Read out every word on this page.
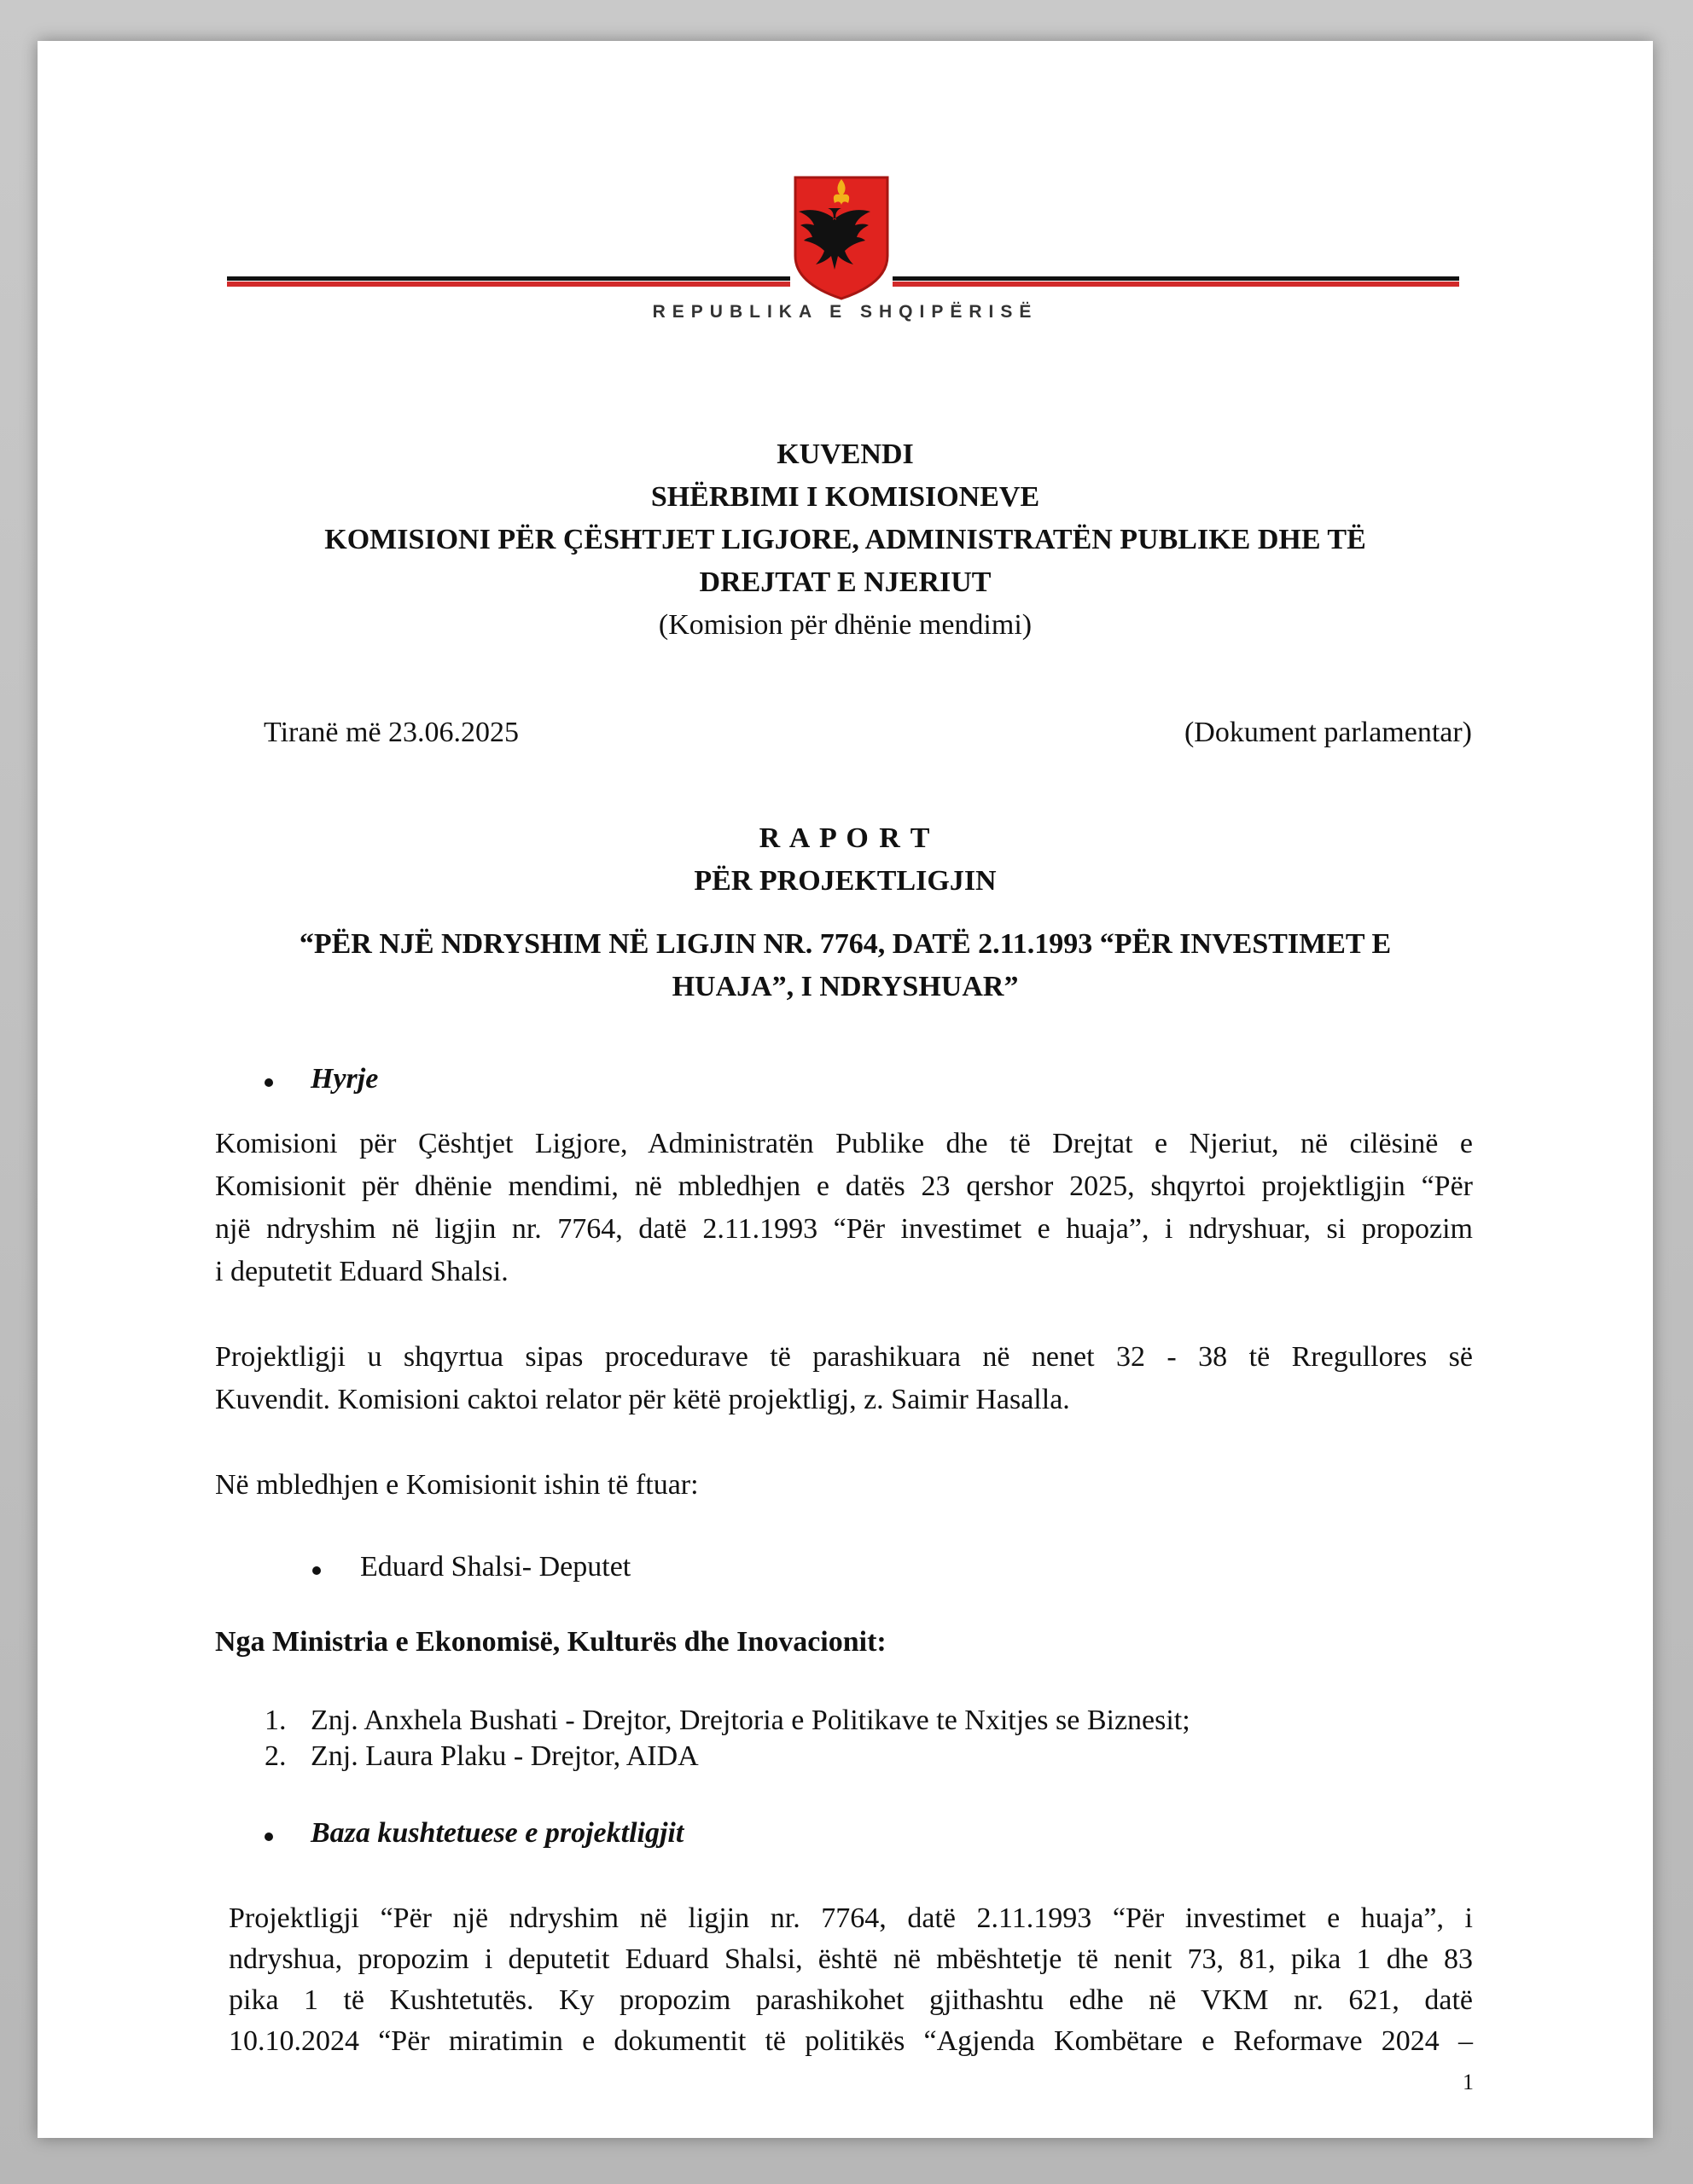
REPUBLIKA E SHQIPËRISË
KUVENDI
SHËRBIMI I KOMISIONEVE
KOMISIONI PËR ÇËSHTJET LIGJORE, ADMINISTRATËN PUBLIKE DHE TË
DREJTAT E NJERIUT
(Komision për dhënie mendimi)
Tiranë më 23.06.2025	(Dokument parlamentar)
R A P O R T
PËR PROJEKTLIGJIN
“PËR NJË NDRYSHIM NË LIGJIN NR. 7764, DATË 2.11.1993 “PËR INVESTIMET E
HUAJA”, I NDRYSHUAR”
Hyrje
Komisioni për Çështjet Ligjore, Administratën Publike dhe të Drejtat e Njeriut, në cilësinë e
Komisionit për dhënie mendimi, në mbledhjen e datës 23 qershor 2025, shqyrtoi projektligjin “Për
një ndryshim në ligjin nr. 7764, datë 2.11.1993 “Për investimet e huaja”, i ndryshuar, si propozim
i deputetit Eduard Shalsi.
Projektligji u shqyrtua sipas procedurave të parashikuara në nenet 32 - 38 të Rregullores së
Kuvendit. Komisioni caktoi relator për këtë projektligj, z. Saimir Hasalla.
Në mbledhjen e Komisionit ishin të ftuar:
Eduard Shalsi- Deputet
Nga Ministria e Ekonomisë, Kulturës dhe Inovacionit:
1. Znj. Anxhela Bushati - Drejtor, Drejtoria e Politikave te Nxitjes se Biznesit;
2. Znj. Laura Plaku - Drejtor, AIDA
Baza kushtetuese e projektligjit
Projektligji “Për një ndryshim në ligjin nr. 7764, datë 2.11.1993 “Për investimet e huaja”, i
ndryshua, propozim i deputetit Eduard Shalsi, është në mbështetje të nenit 73, 81, pika 1 dhe 83
pika 1 të Kushtetutës. Ky propozim parashikohet gjithashtu edhe në VKM nr. 621, datë
10.10.2024 “Për miratimin e dokumentit të politikës “Agjenda Kombëtare e Reformave 2024 –
1
